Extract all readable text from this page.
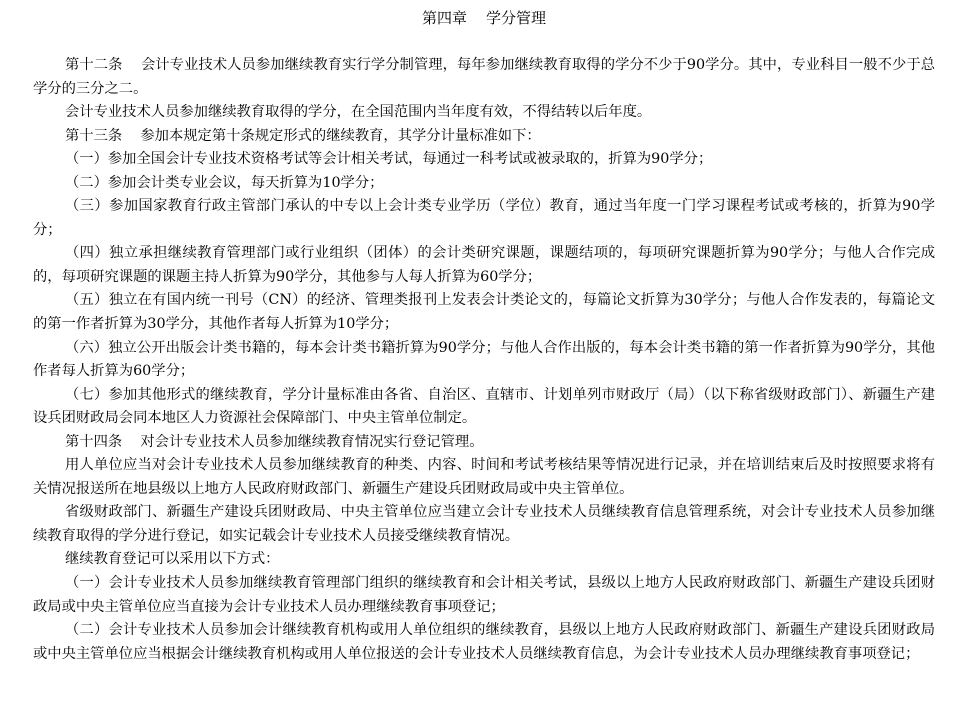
第四章    学分管理

第十二条    会计专业技术人员参加继续教育实行学分制管理，每年参加继续教育取得的学分不少于90学分。其中，专业科目一般不少于总学分的三分之二。

会计专业技术人员参加继续教育取得的学分，在全国范围内当年度有效，不得结转以后年度。

第十三条    参加本规定第十条规定形式的继续教育，其学分计量标准如下：

（一）参加全国会计专业技术资格考试等会计相关考试，每通过一科考试或被录取的，折算为90学分；

（二）参加会计类专业会议，每天折算为10学分；

（三）参加国家教育行政主管部门承认的中专以上会计类专业学历（学位）教育，通过当年度一门学习课程考试或考核的，折算为90学分；

（四）独立承担继续教育管理部门或行业组织（团体）的会计类研究课题，课题结项的，每项研究课题折算为90学分；与他人合作完成的，每项研究课题的课题主持人折算为90学分，其他参与人每人折算为60学分；

（五）独立在有国内统一刊号（CN）的经济、管理类报刊上发表会计类论文的，每篇论文折算为30学分；与他人合作发表的，每篇论文的第一作者折算为30学分，其他作者每人折算为10学分；

（六）独立公开出版会计类书籍的，每本会计类书籍折算为90学分；与他人合作出版的，每本会计类书籍的第一作者折算为90学分，其他作者每人折算为60学分；

（七）参加其他形式的继续教育，学分计量标准由各省、自治区、直辖市、计划单列市财政厅（局）（以下称省级财政部门）、新疆生产建设兵团财政局会同本地区人力资源社会保障部门、中央主管单位制定。

第十四条    对会计专业技术人员参加继续教育情况实行登记管理。

用人单位应当对会计专业技术人员参加继续教育的种类、内容、时间和考试考核结果等情况进行记录，并在培训结束后及时按照要求将有关情况报送所在地县级以上地方人民政府财政部门、新疆生产建设兵团财政局或中央主管单位。

省级财政部门、新疆生产建设兵团财政局、中央主管单位应当建立会计专业技术人员继续教育信息管理系统，对会计专业技术人员参加继续教育取得的学分进行登记，如实记载会计专业技术人员接受继续教育情况。

继续教育登记可以采用以下方式：

（一）会计专业技术人员参加继续教育管理部门组织的继续教育和会计相关考试，县级以上地方人民政府财政部门、新疆生产建设兵团财政局或中央主管单位应当直接为会计专业技术人员办理继续教育事项登记；

（二）会计专业技术人员参加会计继续教育机构或用人单位组织的继续教育，县级以上地方人民政府财政部门、新疆生产建设兵团财政局或中央主管单位应当根据会计继续教育机构或用人单位报送的会计专业技术人员继续教育信息，为会计专业技术人员办理继续教育事项登记；
